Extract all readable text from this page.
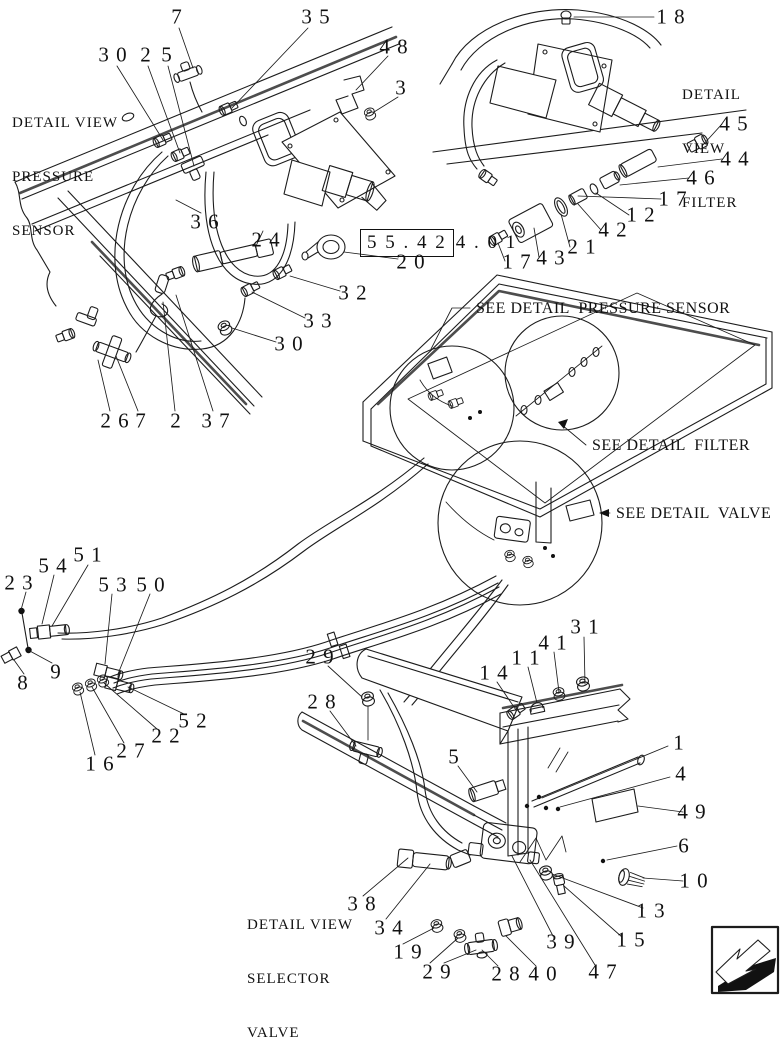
DETAIL VIEW

PRESSURE

SENSOR

DETAIL

VIEW

FILTER

DETAIL VIEW

SELECTOR

VALVE

SEE DETAIL  PRESSURE SENSOR
SEE DETAIL  FILTER
SEE DETAIL  VALVE
5 5 . 4 2 4 . 0 1
7	3 5
3 0 2 5	4 8
3
1 8
4 5
4 4
4 6
1 7
1 2
4 2
2 1
4 3
1 7
2 0
3 6
2 4
3 2
3 3
3 0
2 6 7 2 3 7
2 3
5 4 5 1
5 3 5 0
8 9
1 6
2 7
2 2
5 2
2 9
2 8
1 4
1 1
4 1
3 1
5
1
4
4 9
6
1 0
1 3
1 5
3 9
4 7
2 8 4 0
2 9
1 9
3 4
3 8
